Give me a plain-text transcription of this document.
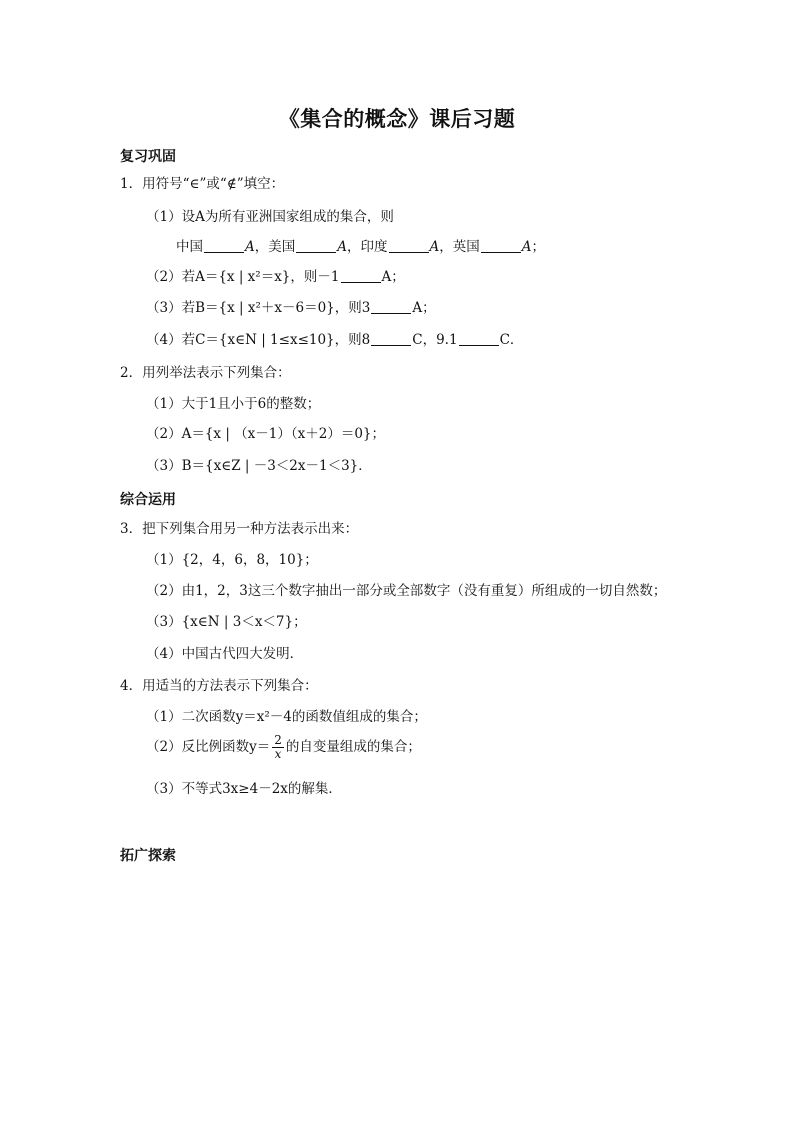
《集合的概念》课后习题
复习巩固
1．用符号“∈”或“∉”填空：
（1）设A为所有亚洲国家组成的集合，则
中国	A，美国	A，印度	A，英国	A；
（2）若A＝{x | x²＝x}，则－1	A；
（3）若B＝{x | x²＋x－6＝0}，则3	A；
（4）若C＝{x∈N | 1≤x≤10}，则8	C，9.1	C．
2．用列举法表示下列集合：
（1）大于1且小于6的整数；
（2）A＝{x | （x－1）（x＋2）＝0}；
（3）B＝{x∈Z | －3＜2x－1＜3}．
综合运用
3．把下列集合用另一种方法表示出来：
（1）{2，4，6，8，10}；
（2）由1，2，3这三个数字抽出一部分或全部数字（没有重复）所组成的一切自然数；
（3）{x∈N | 3＜x＜7}；
（4）中国古代四大发明．
4．用适当的方法表示下列集合：
（1）二次函数y＝x²－4的函数值组成的集合；
（2）反比例函数$y= \frac{2}{x}$ 的自变量组成的集合；
（3）不等式3x≥4－2x的解集．
拓广探索
